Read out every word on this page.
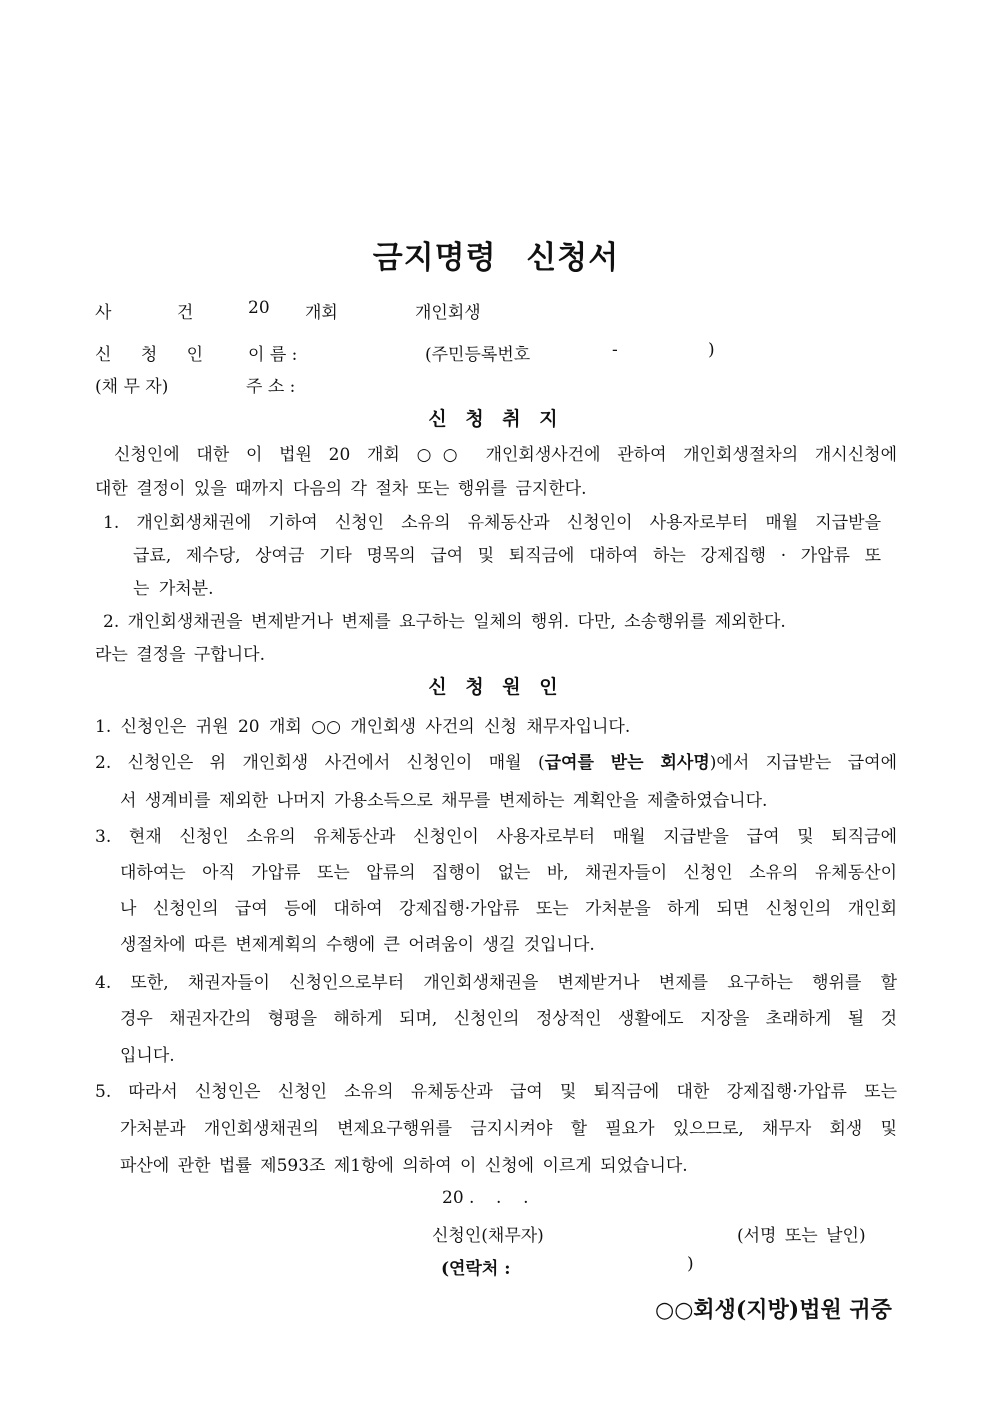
금지명령 신청서
사 건 20 개회	개인회생
신 청 인 이 름 :	(주민등록번호	-	)
(채 무 자)	주 소 :
신 청 취 지
신청인에 대한 이 법원 20 개회 ○○ 개인회생사건에 관하여 개인회생절차의 개시신청에
대한 결정이 있을 때까지 다음의 각 절차 또는 행위를 금지한다.
1. 개인회생채권에 기하여 신청인 소유의 유체동산과 신청인이 사용자로부터 매월 지급받을
급료, 제수당, 상여금 기타 명목의 급여 및 퇴직금에 대하여 하는 강제집행 · 가압류 또
는 가처분.
2. 개인회생채권을 변제받거나 변제를 요구하는 일체의 행위. 다만, 소송행위를 제외한다.
라는 결정을 구합니다.
신 청 원 인
1. 신청인은 귀원 20 개회 ○○ 개인회생 사건의 신청 채무자입니다.
2. 신청인은 위 개인회생 사건에서 신청인이 매월 (급여를 받는 회사명)에서 지급받는 급여에
서 생계비를 제외한 나머지 가용소득으로 채무를 변제하는 계획안을 제출하였습니다.
3. 현재 신청인 소유의 유체동산과 신청인이 사용자로부터 매월 지급받을 급여 및 퇴직금에
대하여는 아직 가압류 또는 압류의 집행이 없는 바, 채권자들이 신청인 소유의 유체동산이
나 신청인의 급여 등에 대하여 강제집행·가압류 또는 가처분을 하게 되면 신청인의 개인회
생절차에 따른 변제계획의 수행에 큰 어려움이 생길 것입니다.
4. 또한, 채권자들이 신청인으로부터 개인회생채권을 변제받거나 변제를 요구하는 행위를 할
경우 채권자간의 형평을 해하게 되며, 신청인의 정상적인 생활에도 지장을 초래하게 될 것
입니다.
5. 따라서 신청인은 신청인 소유의 유체동산과 급여 및 퇴직금에 대한 강제집행·가압류 또는
가처분과 개인회생채권의 변제요구행위를 금지시켜야 할 필요가 있으므로, 채무자 회생 및
파산에 관한 법률 제593조 제1항에 의하여 이 신청에 이르게 되었습니다.
20 .    .    .
신청인(채무자)	(서명 또는 날인)
(연락처 :	)
○○회생(지방)법원 귀중
